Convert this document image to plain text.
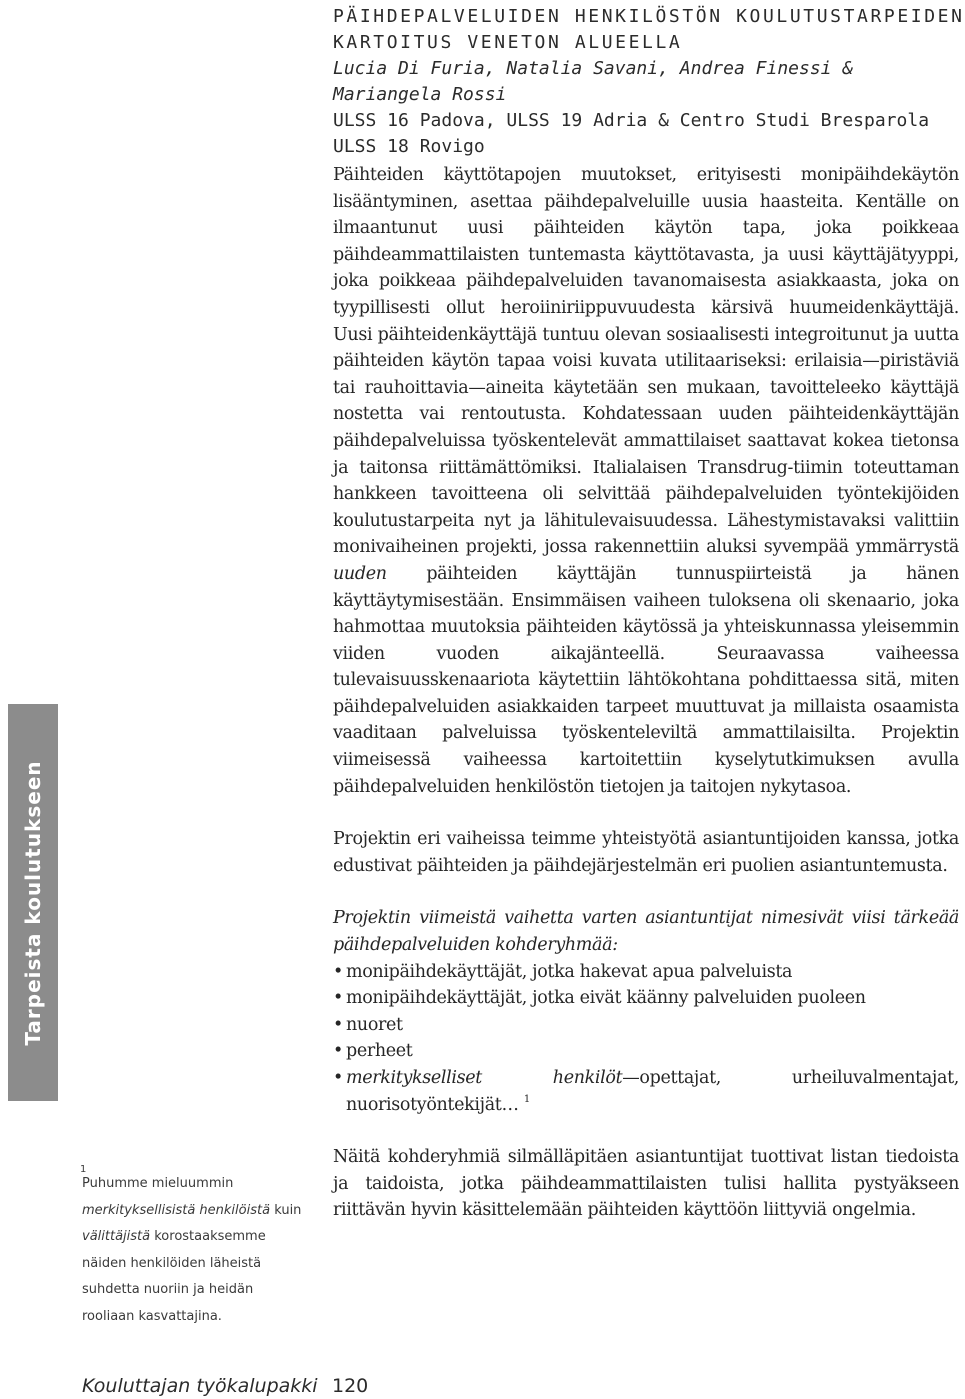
PÄIHDEPALVELUIDEN HENKILÖSTÖN KOULUTUSTARPEIDEN
KARTOITUS VENETON ALUEELLA
Lucia Di Furia, Natalia Savani, Andrea Finessi & Mariangela Rossi
ULSS 16 Padova, ULSS 19 Adria & Centro Studi Bresparola ULSS 18 Rovigo

Päihteiden käyttötapojen muutokset, erityisesti monipäihdekäytön lisääntyminen, asettaa päihdepalveluille uusia haasteita. Kentälle on ilmaantunut uusi päihteiden käytön tapa, joka poikkeaa päihdeammattilaisten tuntemasta käyttötavasta, ja uusi käyttäjätyyppi, joka poikkeaa päihdepalveluiden tavanomaisesta asiakkaasta, joka on tyypillisesti ollut heroiiniriippuvuudesta kärsivä huumeidenkäyttäjä. Uusi päihteidenkäyttäjä tuntuu olevan sosiaalisesti integroitunut ja uutta päihteiden käytön tapaa voisi kuvata utilitaariseksi: erilaisia—piristäviä tai rauhoittavia—aineita käytetään sen mukaan, tavoitteleeko käyttäjä nostetta vai rentoutusta. Kohdatessaan uuden päihteidenkäyttäjän päihdepalveluissa työskentelevät ammattilaiset saattavat kokea tietonsa ja taitonsa riittämättömiksi. Italialaisen Transdrug-tiimin toteuttaman hankkeen tavoitteena oli selvittää päihdepalveluiden työntekijöiden koulutustarpeita nyt ja lähitulevaisuudessa. Lähestymistavaksi valittiin monivaiheinen projekti, jossa rakennettiin aluksi syvempää ymmärrystä uuden päihteiden käyttäjän tunnuspiirteistä ja hänen käyttäytymisestään. Ensimmäisen vaiheen tuloksena oli skenaario, joka hahmottaa muutoksia päihteiden käytössä ja yhteiskunnassa yleisemmin viiden vuoden aikajänteellä. Seuraavassa vaiheessa tulevaisuusskenaariota käytettiin lähtökohtana pohdittaessa sitä, miten päihdepalveluiden asiakkaiden tarpeet muuttuvat ja millaista osaamista vaaditaan palveluissa työskenteleviltä ammattilaisilta. Projektin viimeisessä vaiheessa kartoitettiin kyselytutkimuksen avulla päihdepalveluiden henkilöstön tietojen ja taitojen nykytasoa.

Projektin eri vaiheissa teimme yhteistyötä asiantuntijoiden kanssa, jotka edustivat päihteiden ja päihdejärjestelmän eri puolien asiantuntemusta.

Projektin viimeistä vaihetta varten asiantuntijat nimesivät viisi tärkeää päihdepalveluiden kohderyhmää:

• monipäihdekäyttäjät, jotka hakevat apua palveluista
• monipäihdekäyttäjät, jotka eivät käänny palveluiden puoleen
• nuoret
• perheet
• merkitykselliset henkilöt—opettajat, urheiluvalmentajat, nuorisotyöntekijät… $^1$

Näitä kohderyhmiä silmälläpitäen asiantuntijat tuottivat listan tiedoista ja taidoista, jotka päihdeammattilaisten tulisi hallita pystyäkseen riittävän hyvin käsittelemään päihteiden käyttöön liittyviä ongelmia.

Tarpeista koulutukseen
1
Puhumme mieluummin merkityksellisistä henkilöistä kuin välittäjistä korostaaksemme näiden henkilöiden läheistä suhdetta nuoriin ja heidän rooliaan kasvattajina.
Kouluttajan työkalupakki 120
